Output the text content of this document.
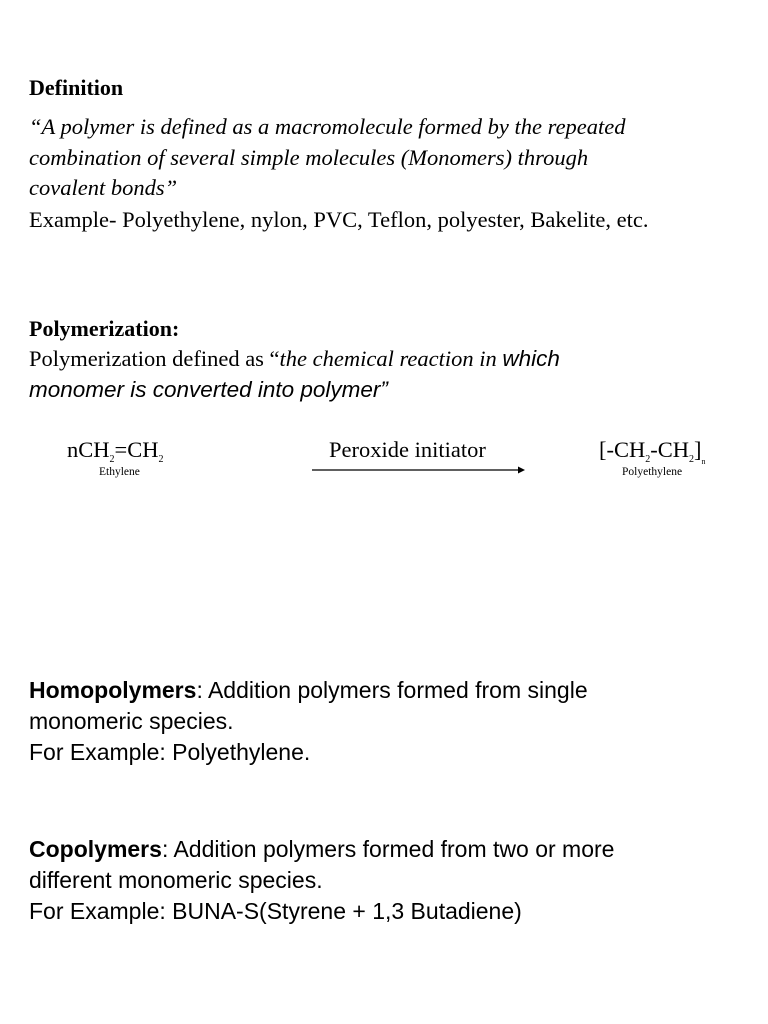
Definition
“A polymer is defined as a macromolecule formed by the repeated
combination of several simple molecules (Monomers) through
covalent bonds”
Example- Polyethylene, nylon, PVC, Teflon, polyester, Bakelite, etc.
Polymerization:
Polymerization defined as “the chemical reaction in which
monomer is converted into polymer”
$nCH_2=CH_2$
Ethylene
Peroxide initiator	$[-CH_2-CH_2]_n$
Polyethylene
Homopolymers: Addition polymers formed from single
monomeric species.
For Example: Polyethylene.
Copolymers: Addition polymers formed from two or more
different monomeric species.
For Example: BUNA-S(Styrene + 1,3 Butadiene)
